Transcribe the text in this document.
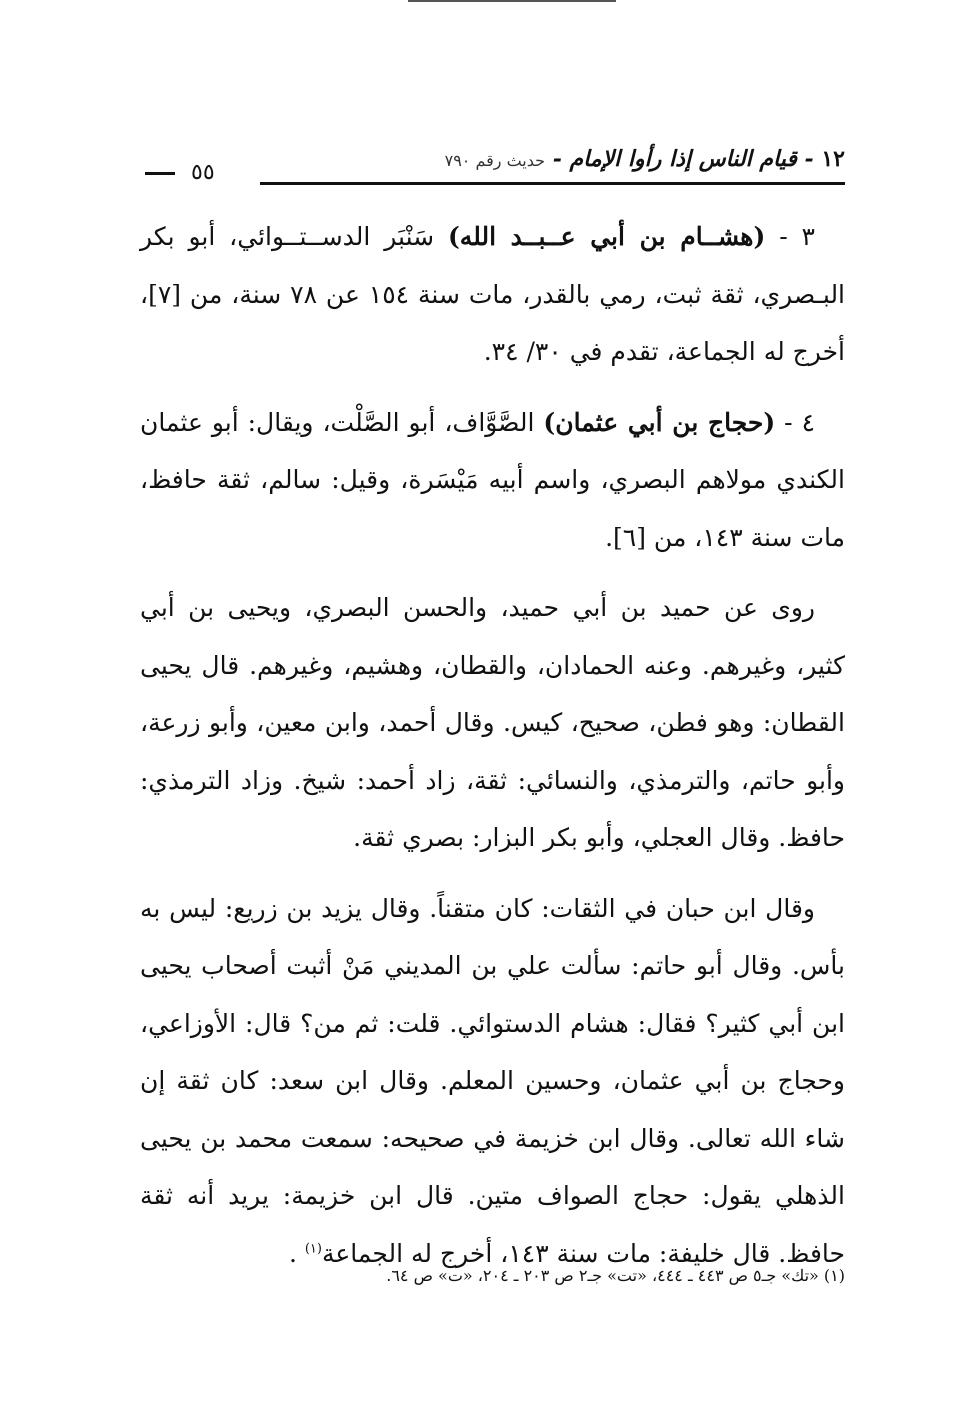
١٢ - قيام الناس إذا رأوا الإمام - حديث رقم ٧٩٠
٥٥

٣ - (هشــام بن أبي عــبــد الله) سَنْبَر الدســتــوائي، أبو بكر البـصري، ثقة ثبت، رمي بالقدر، مات سنة ١٥٤ عن ٧٨ سنة، من [٧]، أخرج له الجماعة، تقدم في ٣٠/ ٣٤.

٤ - (حجاج بن أبي عثمان) الصَّوَّاف، أبو الصَّلْت، ويقال: أبو عثمان الكندي مولاهم البصري، واسم أبيه مَيْسَرة، وقيل: سالم، ثقة حافظ، مات سنة ١٤٣، من [٦].

روى عن حميد بن أبي حميد، والحسن البصري، ويحيى بن أبي كثير، وغيرهم. وعنه الحمادان، والقطان، وهشيم، وغيرهم. قال يحيى القطان: وهو فطن، صحيح، كيس. وقال أحمد، وابن معين، وأبو زرعة، وأبو حاتم، والترمذي، والنسائي: ثقة، زاد أحمد: شيخ. وزاد الترمذي: حافظ. وقال العجلي، وأبو بكر البزار: بصري ثقة.

وقال ابن حبان في الثقات: كان متقناً. وقال يزيد بن زريع: ليس به بأس. وقال أبو حاتم: سألت علي بن المديني مَنْ أثبت أصحاب يحيى ابن أبي كثير؟ فقال: هشام الدستوائي. قلت: ثم من؟ قال: الأوزاعي، وحجاج بن أبي عثمان، وحسين المعلم. وقال ابن سعد: كان ثقة إن شاء الله تعالى. وقال ابن خزيمة في صحيحه: سمعت محمد بن يحيى الذهلي يقول: حجاج الصواف متين. قال ابن خزيمة: يريد أنه ثقة حافظ. قال خليفة: مات سنة ١٤٣، أخرج له الجماعة$^{(١)}$ .

(١) «تك» جـ٥ ص ٤٤٣ ـ ٤٤٤، «تت» جـ٢ ص ٢٠٣ ـ ٢٠٤، «ت» ص ٦٤.
